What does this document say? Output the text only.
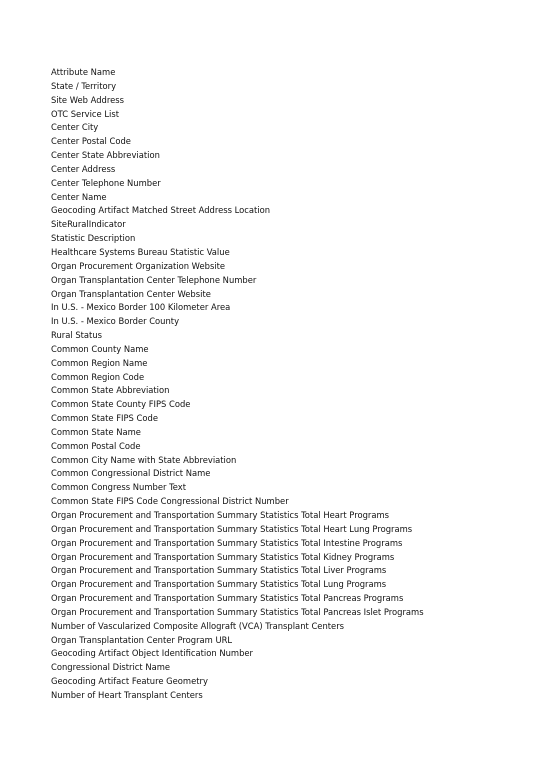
Attribute Name
State / Territory
Site Web Address
OTC Service List
Center City
Center Postal Code
Center State Abbreviation
Center Address
Center Telephone Number
Center Name
Geocoding Artifact Matched Street Address Location
SiteRuralIndicator
Statistic Description
Healthcare Systems Bureau Statistic Value
Organ Procurement Organization Website
Organ Transplantation Center Telephone Number
Organ Transplantation Center Website
In U.S. - Mexico Border 100 Kilometer Area
In U.S. - Mexico Border County
Rural Status
Common County Name
Common Region Name
Common Region Code
Common State Abbreviation
Common State County FIPS Code
Common State FIPS Code
Common State Name
Common Postal Code
Common City Name with State Abbreviation
Common Congressional District Name
Common Congress Number Text
Common State FIPS Code Congressional District Number
Organ Procurement and Transportation Summary Statistics Total Heart Programs
Organ Procurement and Transportation Summary Statistics Total Heart Lung Programs
Organ Procurement and Transportation Summary Statistics Total Intestine Programs
Organ Procurement and Transportation Summary Statistics Total Kidney Programs
Organ Procurement and Transportation Summary Statistics Total Liver Programs
Organ Procurement and Transportation Summary Statistics Total Lung Programs
Organ Procurement and Transportation Summary Statistics Total Pancreas Programs
Organ Procurement and Transportation Summary Statistics Total Pancreas Islet Programs
Number of Vascularized Composite Allograft (VCA) Transplant Centers
Organ Transplantation Center Program URL
Geocoding Artifact Object Identification Number
Congressional District Name
Geocoding Artifact Feature Geometry
Number of Heart Transplant Centers
